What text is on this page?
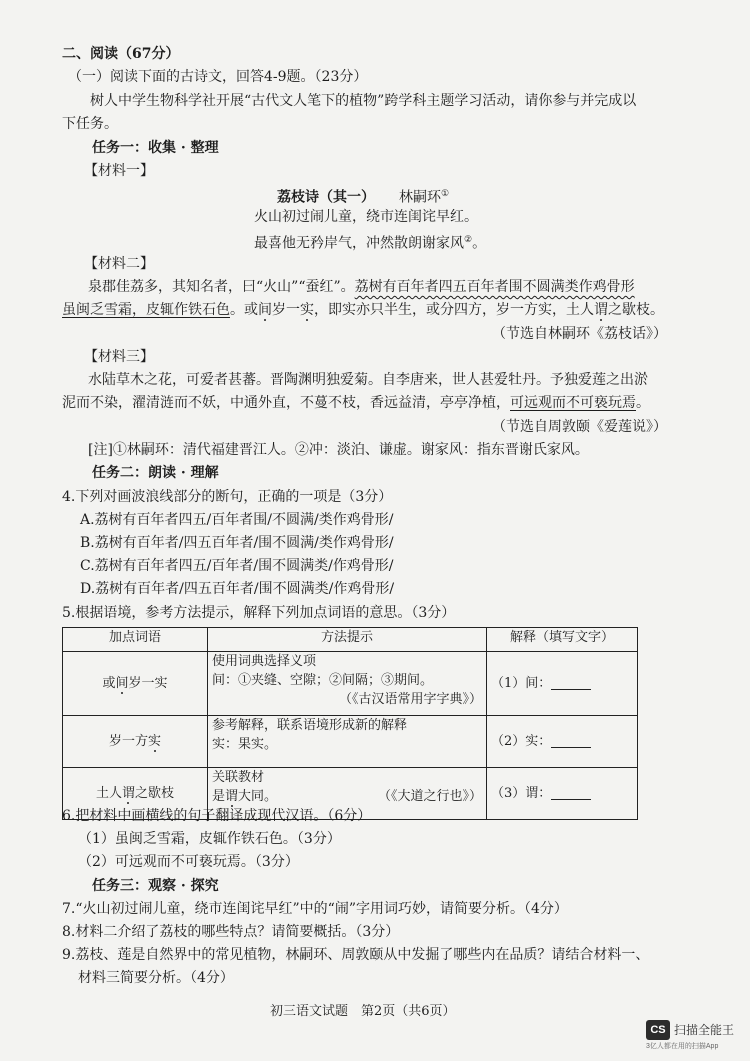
二、阅读（67分）
（一）阅读下面的古诗文，回答4-9题。（23分）
树人中学生物科学社开展“古代文人笔下的植物”跨学科主题学习活动，请你参与并完成以
下任务。
任务一：收集 · 整理
【材料一】
荔枝诗（其一） 林嗣环①
火山初过闹儿童，绕市连闺诧早红。
最喜他无矜岸气，冲然散朗谢家风②。
【材料二】
泉郡佳荔多，其知名者，曰“火山”“蚕红”。荔树有百年者四五百年者围不圆满类作鸡骨形
虽闽乏雪霜，皮辄作铁石色。或间岁一实，即实亦只半生，或分四方，岁一方实，土人谓之歇枝。
（节选自林嗣环《荔枝话》）
【材料三】
水陆草木之花，可爱者甚蕃。晋陶渊明独爱菊。自李唐来，世人甚爱牡丹。予独爱莲之出淤
泥而不染，濯清涟而不妖，中通外直，不蔓不枝，香远益清，亭亭净植，可远观而不可亵玩焉。
（节选自周敦颐《爱莲说》）
[注]①林嗣环：清代福建晋江人。②冲：淡泊、谦虚。谢家风：指东晋谢氏家风。
任务二：朗读 · 理解
4.下列对画波浪线部分的断句，正确的一项是（3分）
A.荔树有百年者四五/百年者围/不圆满/类作鸡骨形/
B.荔树有百年者/四五百年者/围不圆满/类作鸡骨形/
C.荔树有百年者四五/百年者/围不圆满类/作鸡骨形/
D.荔树有百年者/四五百年者/围不圆满类/作鸡骨形/
5.根据语境，参考方法提示，解释下列加点词语的意思。（3分）
加点词语	方法提示	解释（填写文字）
或间岁一实	使用词典选择义项
间：①夹缝、空隙；②间隔；③期间。
（《古汉语常用字字典》）	（1）间：
岁一方实	参考解释，联系语境形成新的解释
实：果实。	（2）实：
土人谓之歇枝	关联教材
是谓大同。 （《大道之行也》）	（3）谓：
6.把材料中画横线的句子翻译成现代汉语。（6分）
（1）虽闽乏雪霜，皮辄作铁石色。（3分）
（2）可远观而不可亵玩焉。（3分）
任务三：观察 · 探究
7.“火山初过闹儿童，绕市连闺诧早红”中的“闹”字用词巧妙，请简要分析。（4分）
8.材料二介绍了荔枝的哪些特点？请简要概括。（3分）
9.荔枝、莲是自然界中的常见植物，林嗣环、周敦颐从中发掘了哪些内在品质？请结合材料一、
材料三简要分析。（4分）
初三语文试题　第2页（共6页）
CS 扫描全能王
3亿人都在用的扫描App
